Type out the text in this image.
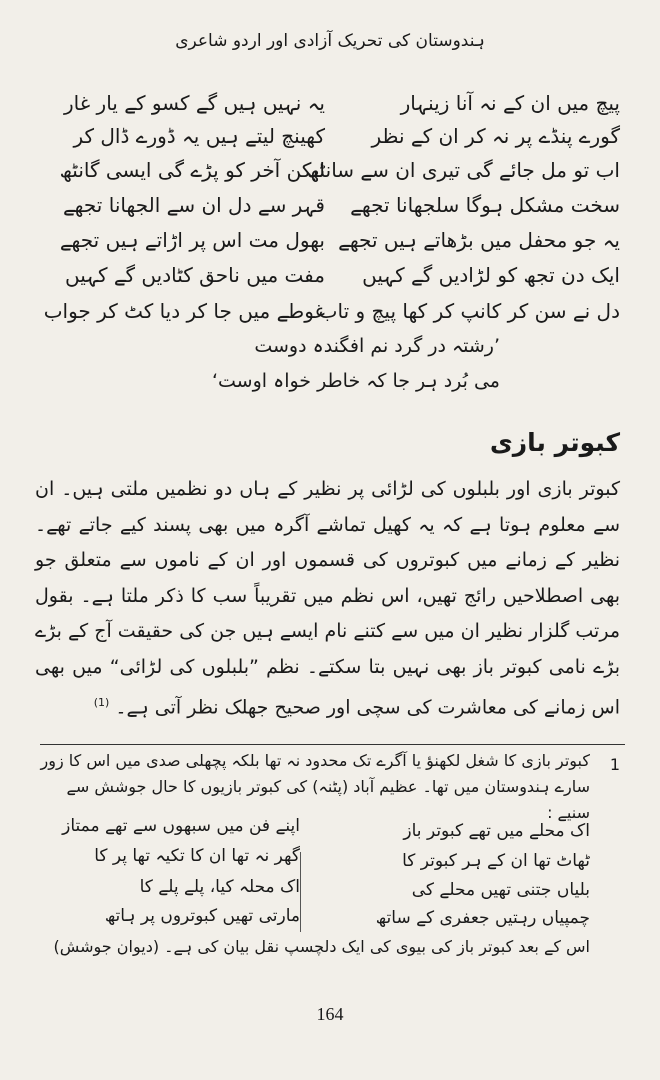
ہندوستان کی تحریک آزادی اور اردو شاعری
پیچ میں ان کے نہ آنا زینہار
یہ نہیں ہیں گے کسو کے یار غار
گورے پنڈے پر نہ کر ان کے نظر
کھینچ لیتے ہیں یہ ڈورے ڈال کر
اب تو مل جائے گی تیری ان سے سانٹھ
لیکن آخر کو پڑے گی ایسی گانٹھ
سخت مشکل ہوگا سلجھانا تجھے
قہر سے دل ان سے الجھانا تجھے
یہ جو محفل میں بڑھاتے ہیں تجھے
بھول مت اس پر اڑاتے ہیں تجھے
ایک دن تجھ کو لڑادیں گے کہیں
مفت میں ناحق کٹادیں گے کہیں
دل نے سن کر کانپ کر کھا پیچ و تاب
غوطے میں جا کر دیا کٹ کر جواب
’رشتہ در گرد نم افگندہ دوست
می بُرد ہر جا کہ خاطر خواہ اوست‘
کبوتر بازی
کبوتر بازی اور بلبلوں کی لڑائی پر نظیر کے ہاں دو نظمیں ملتی ہیں۔ ان سے معلوم ہوتا ہے کہ یہ کھیل تماشے آگرہ میں بھی پسند کیے جاتے تھے۔ نظیر کے زمانے میں کبوتروں کی قسموں اور ان کے ناموں سے متعلق جو بھی اصطلاحیں رائج تھیں، اس نظم میں تقریباً سب کا ذکر ملتا ہے۔ بقول مرتب گلزار نظیر ان میں سے کتنے نام ایسے ہیں جن کی حقیقت آج کے بڑے بڑے نامی کبوتر باز بھی نہیں بتا سکتے۔ نظم ”بلبلوں کی لڑائی“ میں بھی اس زمانے کی معاشرت کی سچی اور صحیح جھلک نظر آتی ہے۔ $^{(1)}$
1
کبوتر بازی کا شغل لکھنؤ یا آگرے تک محدود نہ تھا بلکہ پچھلی صدی میں اس کا زور سارے ہندوستان میں تھا۔ عظیم آباد (پٹنہ) کی کبوتر بازیوں کا حال جوشش سے سنیے :
اک محلے میں تھے کبوتر باز
اپنے فن میں سبھوں سے تھے ممتاز
ٹھاٹ تھا ان کے ہر کبوتر کا
گھر نہ تھا ان کا تکیہ تھا پر کا
بلیاں جتنی تھیں محلے کی
اک محلہ کیا، پلے پلے کا
چمپیاں رہتیں جعفری کے ساتھ
مارتی تھیں کبوتروں پر ہاتھ
اس کے بعد کبوتر باز کی بیوی کی ایک دلچسپ نقل بیان کی ہے۔ (دیوان جوشش)
164
